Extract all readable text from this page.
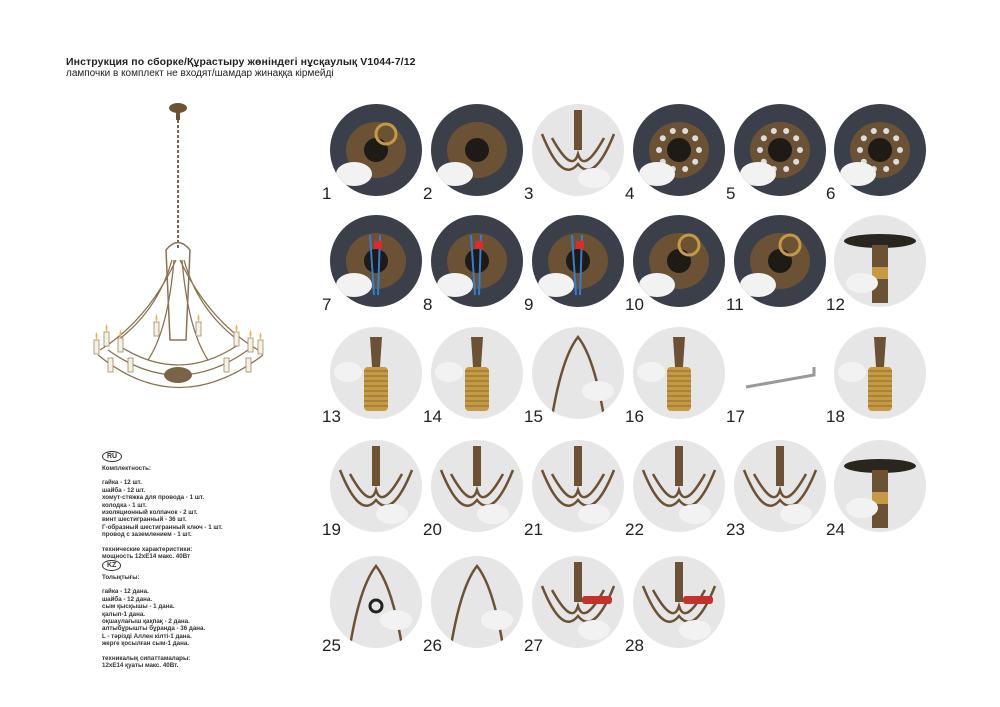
Инструкция по сборке/Құрастыру жөніндегі нұсқаулық V1044-7/12
лампочки в комплект не входят/шамдар жинаққа кірмейді
RU
Комплектность:
гайка - 12 шт.
шайба - 12 шт.
хомут-стяжка для провода - 1 шт.
колодка - 1 шт.
изоляционный колпачок - 2 шт.
винт шестигранный - 36 шт.
Г-образный шестигранный ключ - 1 шт.
провод с заземлением - 1 шт.
технические характеристики:
мощность 12хЕ14 макс. 40Вт
KZ
Толықтығы:
гайка - 12 дана.
шайба - 12 дана.
сым қысқышы - 1 дана.
қалып-1 дана.
оқшаулағыш қақпақ - 2 дана.
алтыбұрышты бұранда - 36 дана.
L - тәрізді Аллен кілті-1 дана.
жерге қосылған сым-1 дана.
техникалық сипаттамалары:
12хЕ14 қуаты макс. 40Вт.
1	2	3	4	5	6
7	8	9	10	11	12
13	14	15	16	17	18
19	20	21	22	23	24
25	26	27	28
